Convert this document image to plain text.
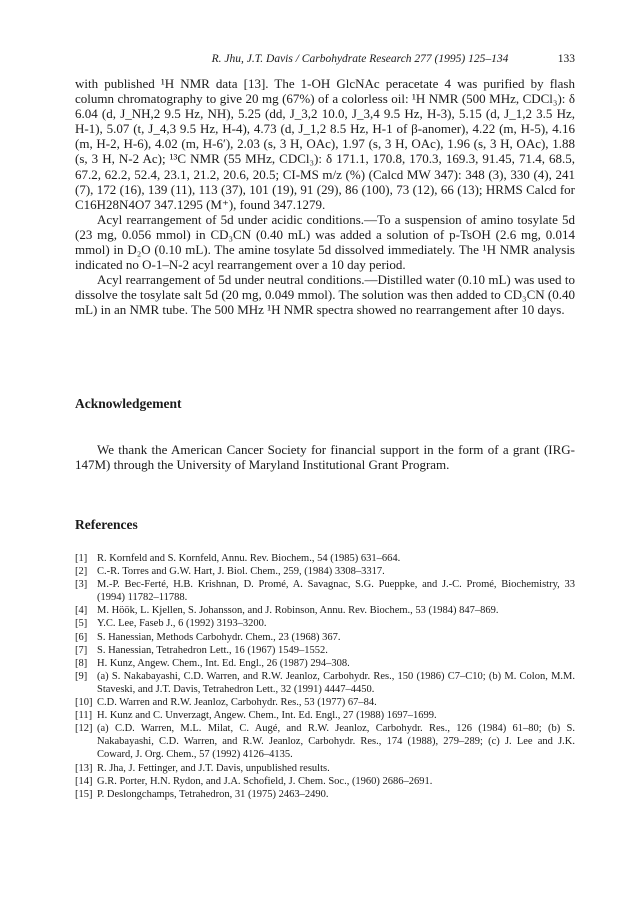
R. Jhu, J.T. Davis / Carbohydrate Research 277 (1995) 125–134	133

with published ¹H NMR data [13]. The 1-OH GlcNAc peracetate 4 was purified by flash column chromatography to give 20 mg (67%) of a colorless oil: ¹H NMR (500 MHz, CDCl₃): δ 6.04 (d, J_NH,2 9.5 Hz, NH), 5.25 (dd, J_3,2 10.0, J_3,4 9.5 Hz, H-3), 5.15 (d, J_1,2 3.5 Hz, H-1), 5.07 (t, J_4,3 9.5 Hz, H-4), 4.73 (d, J_1,2 8.5 Hz, H-1 of β-anomer), 4.22 (m, H-5), 4.16 (m, H-2, H-6), 4.02 (m, H-6′), 2.03 (s, 3 H, OAc), 1.97 (s, 3 H, OAc), 1.96 (s, 3 H, OAc), 1.88 (s, 3 H, N-2 Ac); ¹³C NMR (55 MHz, CDCl₃): δ 171.1, 170.8, 170.3, 169.3, 91.45, 71.4, 68.5, 67.2, 62.2, 52.4, 23.1, 21.2, 20.6, 20.5; CI-MS m/z (%) (Calcd MW 347): 348 (3), 330 (4), 241 (7), 172 (16), 139 (11), 113 (37), 101 (19), 91 (29), 86 (100), 73 (12), 66 (13); HRMS Calcd for C16H28N4O7 347.1295 (M⁺), found 347.1279.

Acyl rearrangement of 5d under acidic conditions.—To a suspension of amino tosylate 5d (23 mg, 0.056 mmol) in CD₃CN (0.40 mL) was added a solution of p-TsOH (2.6 mg, 0.014 mmol) in D₂O (0.10 mL). The amine tosylate 5d dissolved immediately. The ¹H NMR analysis indicated no O-1–N-2 acyl rearrangement over a 10 day period.

Acyl rearrangement of 5d under neutral conditions.—Distilled water (0.10 mL) was used to dissolve the tosylate salt 5d (20 mg, 0.049 mmol). The solution was then added to CD₃CN (0.40 mL) in an NMR tube. The 500 MHz ¹H NMR spectra showed no rearrangement after 10 days.

Acknowledgement

We thank the American Cancer Society for financial support in the form of a grant (IRG-147M) through the University of Maryland Institutional Grant Program.

References
[1] R. Kornfeld and S. Kornfeld, Annu. Rev. Biochem., 54 (1985) 631–664.
[2] C.-R. Torres and G.W. Hart, J. Biol. Chem., 259, (1984) 3308–3317.
[3] M.-P. Bec-Ferté, H.B. Krishnan, D. Promé, A. Savagnac, S.G. Pueppke, and J.-C. Promé, Biochemistry, 33 (1994) 11782–11788.
[4] M. Höök, L. Kjellen, S. Johansson, and J. Robinson, Annu. Rev. Biochem., 53 (1984) 847–869.
[5] Y.C. Lee, Faseb J., 6 (1992) 3193–3200.
[6] S. Hanessian, Methods Carbohydr. Chem., 23 (1968) 367.
[7] S. Hanessian, Tetrahedron Lett., 16 (1967) 1549–1552.
[8] H. Kunz, Angew. Chem., Int. Ed. Engl., 26 (1987) 294–308.
[9] (a) S. Nakabayashi, C.D. Warren, and R.W. Jeanloz, Carbohydr. Res., 150 (1986) C7–C10; (b) M. Colon, M.M. Staveski, and J.T. Davis, Tetrahedron Lett., 32 (1991) 4447–4450.
[10] C.D. Warren and R.W. Jeanloz, Carbohydr. Res., 53 (1977) 67–84.
[11] H. Kunz and C. Unverzagt, Angew. Chem., Int. Ed. Engl., 27 (1988) 1697–1699.
[12] (a) C.D. Warren, M.L. Milat, C. Augé, and R.W. Jeanloz, Carbohydr. Res., 126 (1984) 61–80; (b) S. Nakabayashi, C.D. Warren, and R.W. Jeanloz, Carbohydr. Res., 174 (1988), 279–289; (c) J. Lee and J.K. Coward, J. Org. Chem., 57 (1992) 4126–4135.
[13] R. Jha, J. Fettinger, and J.T. Davis, unpublished results.
[14] G.R. Porter, H.N. Rydon, and J.A. Schofield, J. Chem. Soc., (1960) 2686–2691.
[15] P. Deslongchamps, Tetrahedron, 31 (1975) 2463–2490.
